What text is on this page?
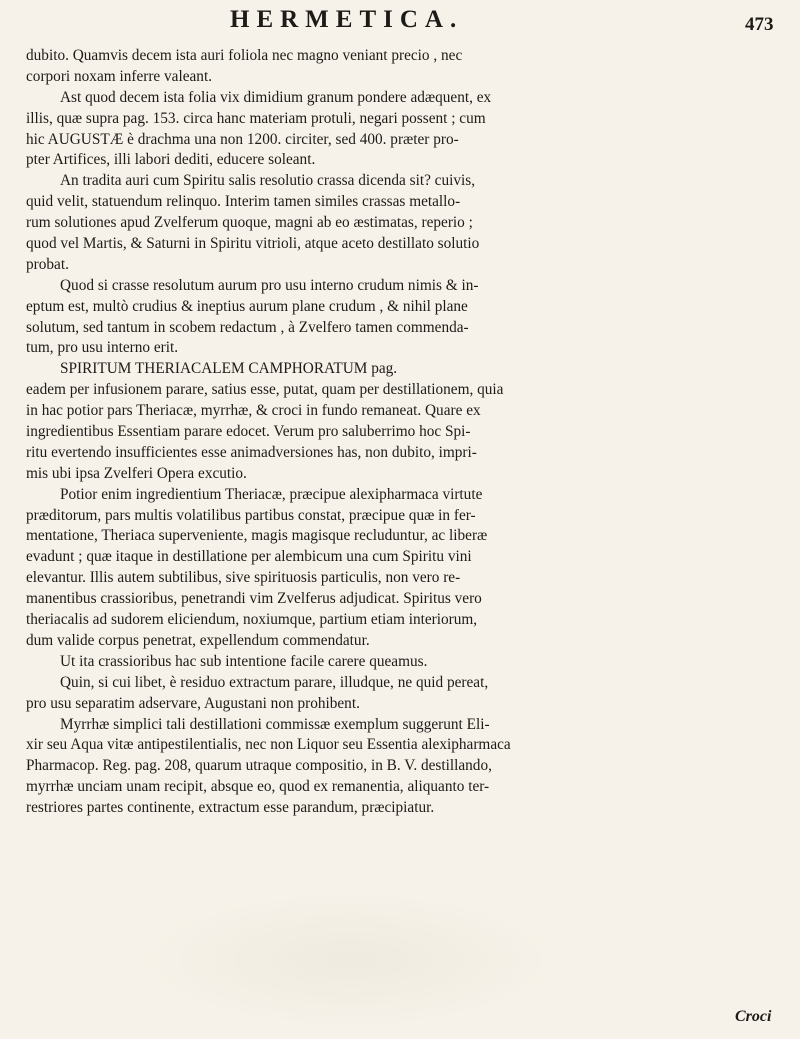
HERMETICA.	473
dubito. Quamvis decem ista auri foliola nec magno veniant precio , nec
corpori noxam inferre valeant.
Ast quod decem ista folia vix dimidium granum pondere adæquent, ex
illis, quæ supra pag. 153. circa hanc materiam protuli, negari possent ; cum
hic AUGUSTÆ è drachma una non 1200. circiter, sed 400. præter pro-
pter Artifices, illi labori dediti, educere soleant.
An tradita auri cum Spiritu salis resolutio crassa dicenda sit? cuivis,
quid velit, statuendum relinquo. Interim tamen similes crassas metallo-
rum solutiones apud Zvelferum quoque, magni ab eo æstimatas, reperio ;
quod vel Martis, & Saturni in Spiritu vitrioli, atque aceto destillato solutio
probat.
Quod si crasse resolutum aurum pro usu interno crudum nimis & in-
eptum est, multò crudius & ineptius aurum plane crudum , & nihil plane
solutum, sed tantum in scobem redactum , à Zvelfero tamen commenda-
tum, pro usu interno erit.
SPIRITUM THERIACALEM CAMPHORATUM pag.
eadem per infusionem parare, satius esse, putat, quam per destillationem, quia
in hac potior pars Theriacæ, myrrhæ, & croci in fundo remaneat. Quare ex
ingredientibus Essentiam parare edocet. Verum pro saluberrimo hoc Spi-
ritu evertendo insufficientes esse animadversiones has, non dubito, impri-
mis ubi ipsa Zvelferi Opera excutio.
Potior enim ingredientium Theriacæ, præcipue alexipharmaca virtute
præditorum, pars multis volatilibus partibus constat, præcipue quæ in fer-
mentatione, Theriaca superveniente, magis magisque recluduntur, ac liberæ
evadunt ; quæ itaque in destillatione per alembicum una cum Spiritu vini
elevantur. Illis autem subtilibus, sive spirituosis particulis, non vero re-
manentibus crassioribus, penetrandi vim Zvelferus adjudicat. Spiritus vero
theriacalis ad sudorem eliciendum, noxiumque, partium etiam interiorum,
dum valide corpus penetrat, expellendum commendatur.
Ut ita crassioribus hac sub intentione facile carere queamus.
Quin, si cui libet, è residuo extractum parare, illudque, ne quid pereat,
pro usu separatim adservare, Augustani non prohibent.
Myrrhæ simplici tali destillationi commissæ exemplum suggerunt Eli-
xir seu Aqua vitæ antipestilentialis, nec non Liquor seu Essentia alexipharmaca
Pharmacop. Reg. pag. 208, quarum utraque compositio, in B. V. destillando,
myrrhæ unciam unam recipit, absque eo, quod ex remanentia, aliquanto ter-
restriores partes continente, extractum esse parandum, præcipiatur.
Croci
